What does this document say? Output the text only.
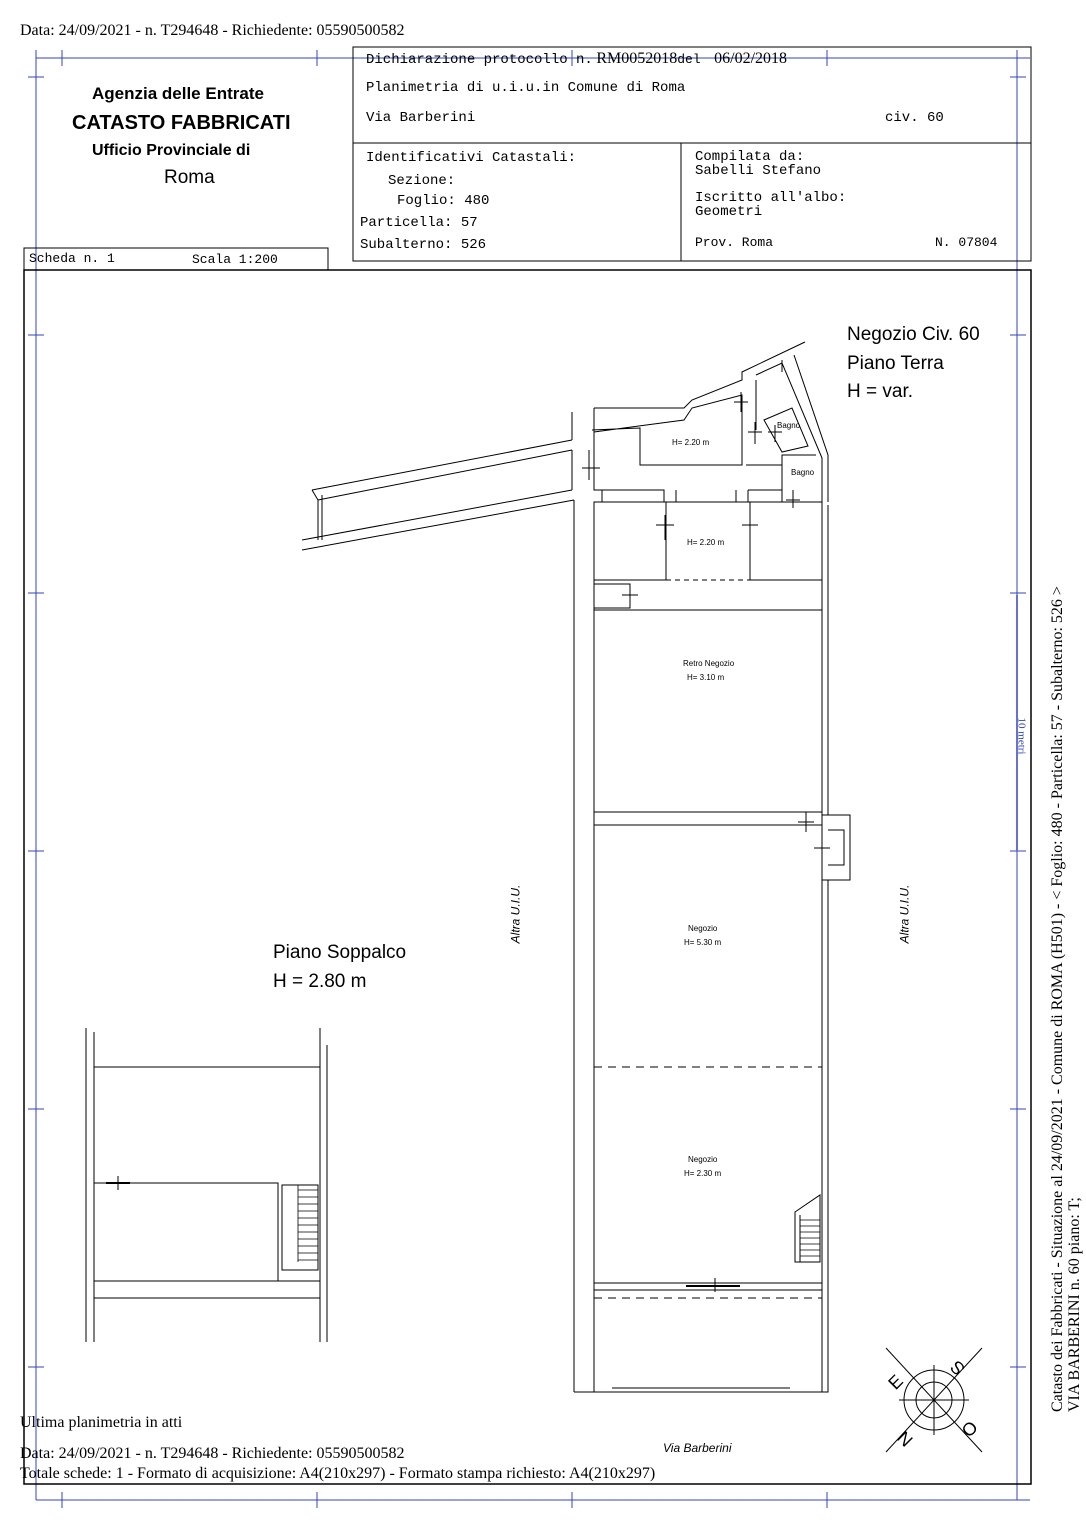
Data: 24/09/2021 - n. T294648 - Richiedente: 05590500582
Agenzia delle Entrate
CATASTO FABBRICATI
Ufficio Provinciale di
Roma
Dichiarazione protocollo n. RM0052018del 06/02/2018
Planimetria di u.i.u.in Comune di Roma
Via Barberini	civ. 60
Identificativi Catastali:
Sezione:
Foglio: 480
Particella: 57
Subalterno: 526
Compilata da:
Sabelli Stefano
Iscritto all'albo:
Geometri
Prov. Roma	N. 07804
Scheda n. 1	Scala 1:200
Negozio Civ. 60
Piano Terra
H = var.
Piano Soppalco
H = 2.80 m
H= 2.20 m
Bagno
Bagno
H= 2.20 m
Retro Negozio
H= 3.10 m
Negozio
H= 5.30 m
Negozio
H= 2.30 m
Altra U.I.U.	Altra U.I.U.
Via Barberini
E
S
N O
10 metri Catasto dei Fabbricati - Situazione al 24/09/2021 - Comune di ROMA (H501) - < Foglio: 480 - Particella: 57 - Subalterno: 526 > VIA BARBERINI n. 60 piano: T;
Ultima planimetria in atti
Data: 24/09/2021 - n. T294648 - Richiedente: 05590500582
Totale schede: 1 - Formato di acquisizione: A4(210x297) - Formato stampa richiesto: A4(210x297)
